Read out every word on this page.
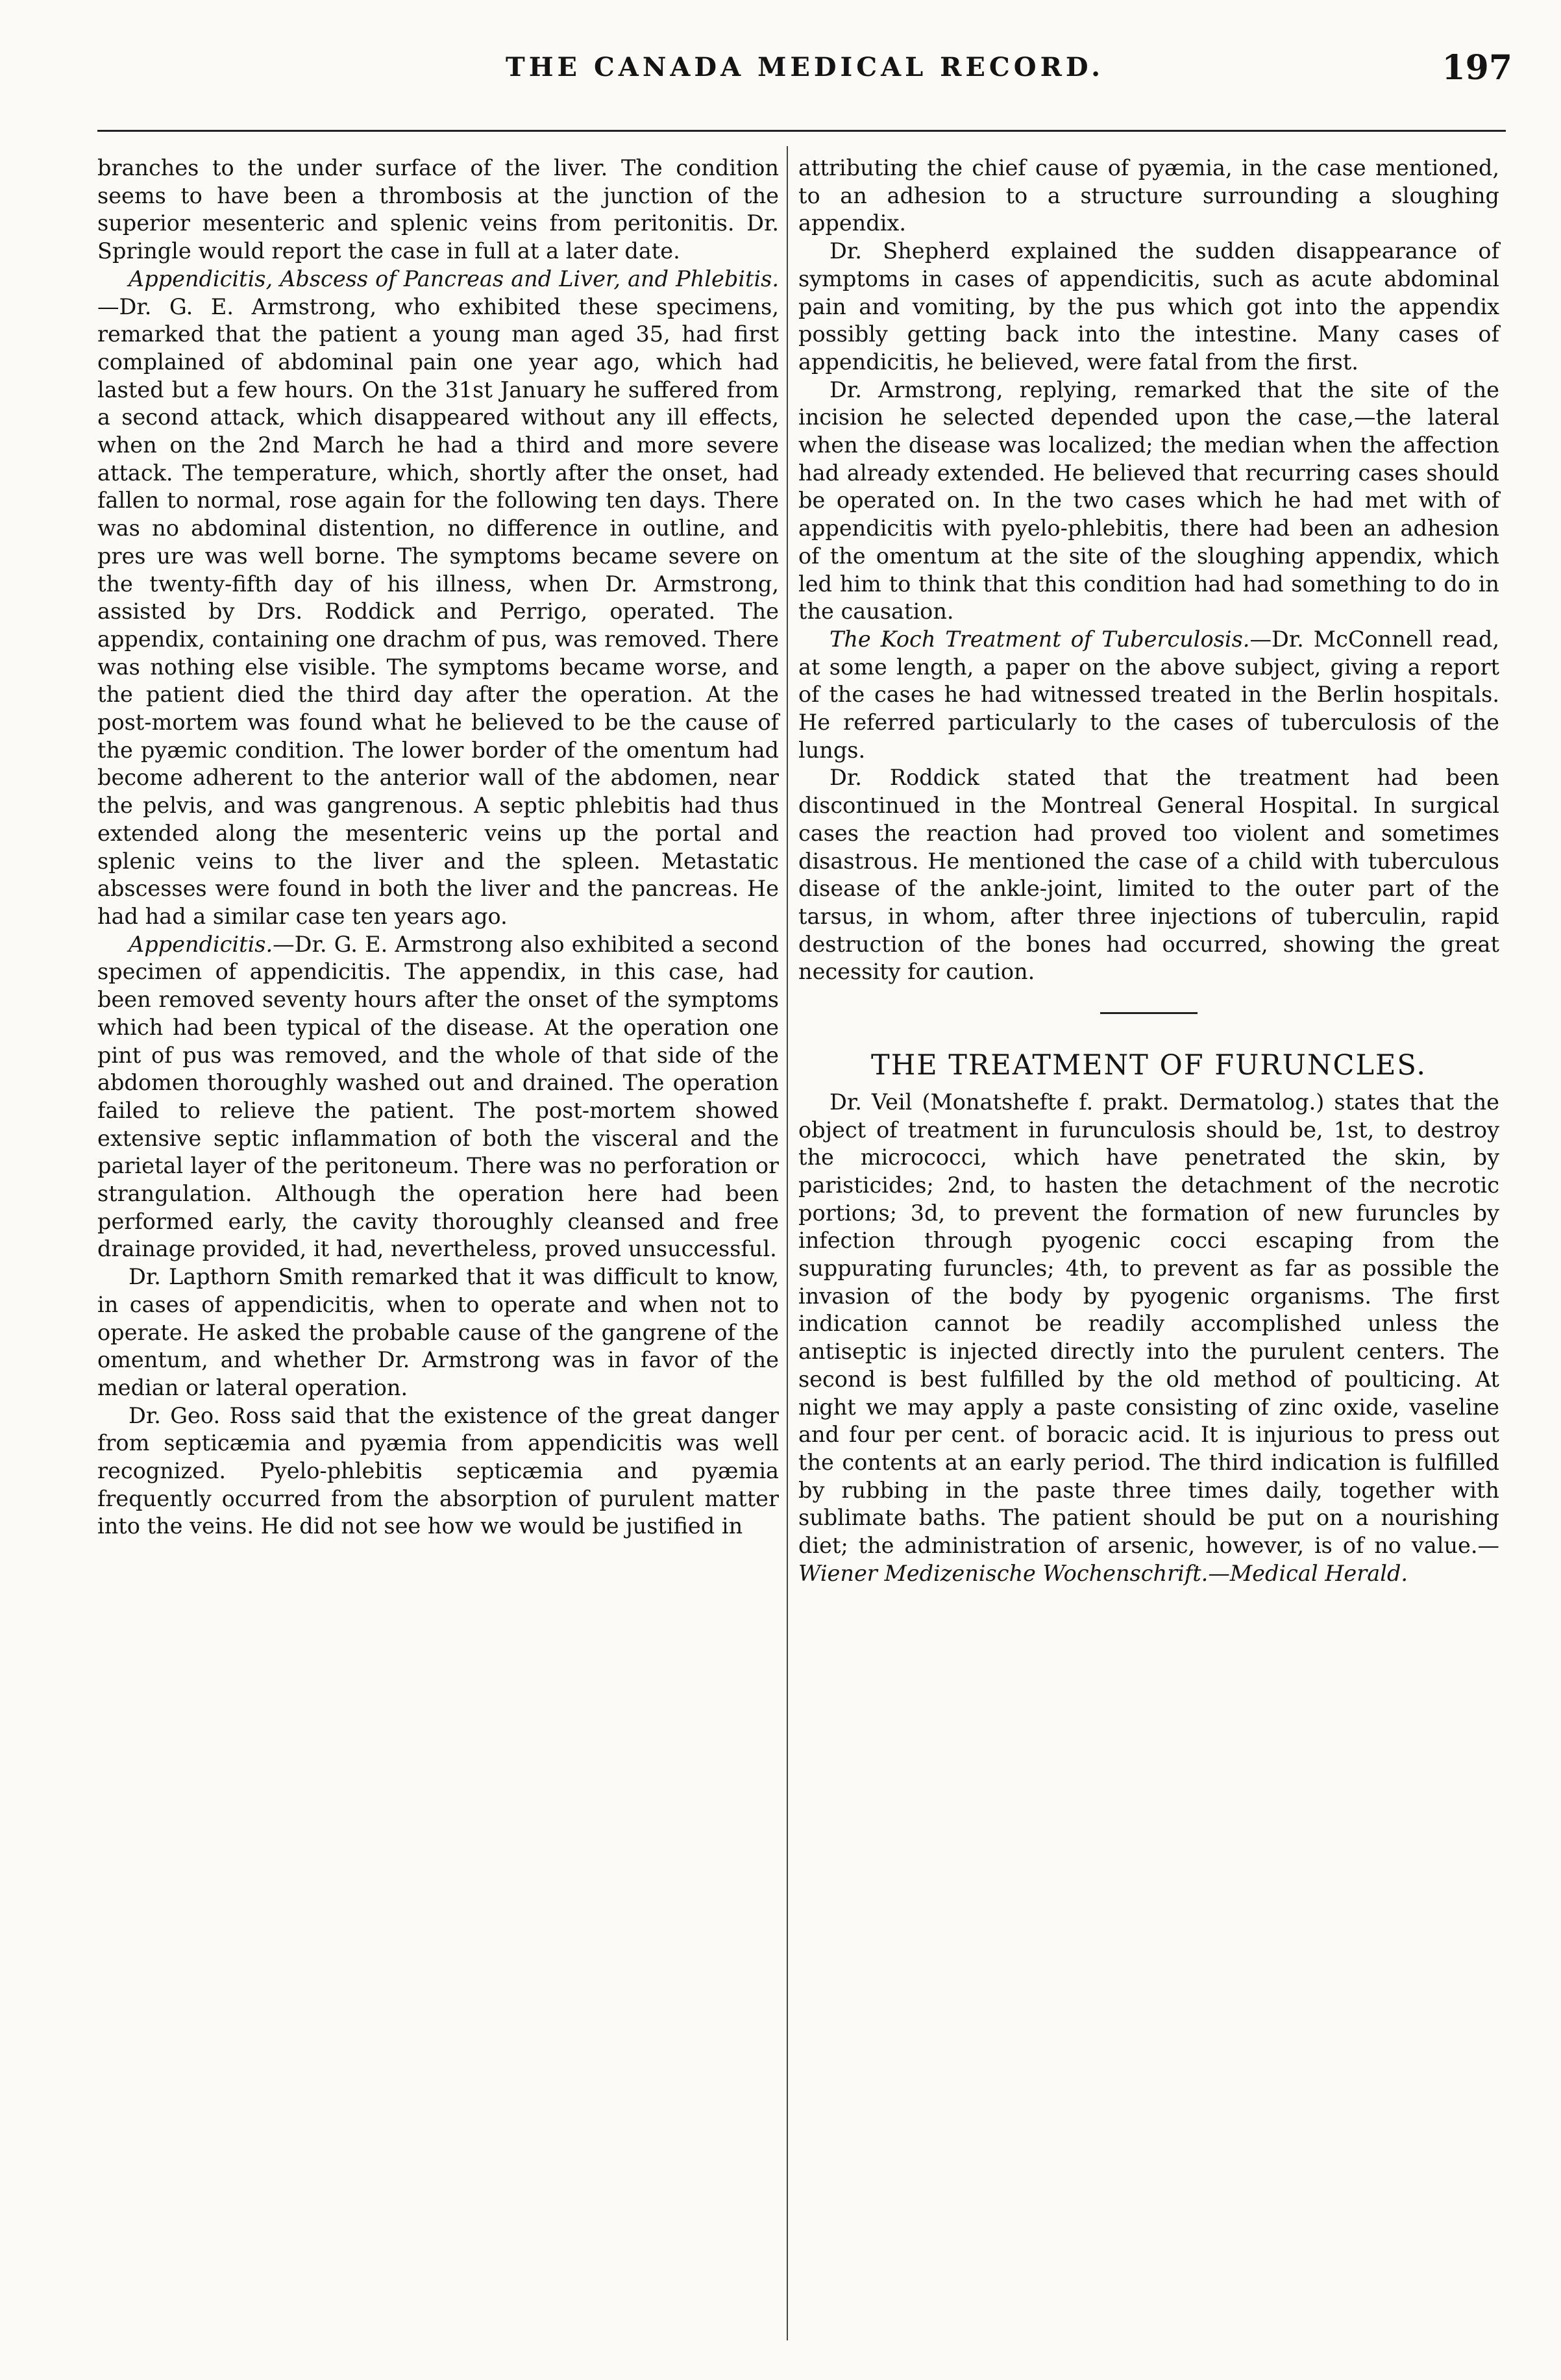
THE CANADA MEDICAL RECORD.	197

branches to the under surface of the liver. The condition seems to have been a thrombosis at the junction of the superior mesenteric and splenic veins from peritonitis. Dr. Springle would report the case in full at a later date.

Appendicitis, Abscess of Pancreas and Liver, and Phlebitis.—Dr. G. E. Armstrong, who exhibited these specimens, remarked that the patient a young man aged 35, had first complained of abdominal pain one year ago, which had lasted but a few hours. On the 31st January he suffered from a second attack, which disappeared without any ill effects, when on the 2nd March he had a third and more severe attack. The temperature, which, shortly after the onset, had fallen to normal, rose again for the following ten days. There was no abdominal distention, no difference in outline, and pres ure was well borne. The symptoms became severe on the twenty-fifth day of his illness, when Dr. Armstrong, assisted by Drs. Roddick and Perrigo, operated. The appendix, containing one drachm of pus, was removed. There was nothing else visible. The symptoms became worse, and the patient died the third day after the operation. At the post-mortem was found what he believed to be the cause of the pyæmic condition. The lower border of the omentum had become adherent to the anterior wall of the abdomen, near the pelvis, and was gangrenous. A septic phlebitis had thus extended along the mesenteric veins up the portal and splenic veins to the liver and the spleen. Metastatic abscesses were found in both the liver and the pancreas. He had had a similar case ten years ago.

Appendicitis.—Dr. G. E. Armstrong also exhibited a second specimen of appendicitis. The appendix, in this case, had been removed seventy hours after the onset of the symptoms which had been typical of the disease. At the operation one pint of pus was removed, and the whole of that side of the abdomen thoroughly washed out and drained. The operation failed to relieve the patient. The post-mortem showed extensive septic inflammation of both the visceral and the parietal layer of the peritoneum. There was no perforation or strangulation. Although the operation here had been performed early, the cavity thoroughly cleansed and free drainage provided, it had, nevertheless, proved unsuccessful.

Dr. Lapthorn Smith remarked that it was difficult to know, in cases of appendicitis, when to operate and when not to operate. He asked the probable cause of the gangrene of the omentum, and whether Dr. Armstrong was in favor of the median or lateral operation.

Dr. Geo. Ross said that the existence of the great danger from septicæmia and pyæmia from appendicitis was well recognized. Pyelo-phlebitis septicæmia and pyæmia frequently occurred from the absorption of purulent matter into the veins. He did not see how we would be justified in

attributing the chief cause of pyæmia, in the case mentioned, to an adhesion to a structure surrounding a sloughing appendix.

Dr. Shepherd explained the sudden disappearance of symptoms in cases of appendicitis, such as acute abdominal pain and vomiting, by the pus which got into the appendix possibly getting back into the intestine. Many cases of appendicitis, he believed, were fatal from the first.

Dr. Armstrong, replying, remarked that the site of the incision he selected depended upon the case,—the lateral when the disease was localized; the median when the affection had already extended. He believed that recurring cases should be operated on. In the two cases which he had met with of appendicitis with pyelo-phlebitis, there had been an adhesion of the omentum at the site of the sloughing appendix, which led him to think that this condition had had something to do in the causation.

The Koch Treatment of Tuberculosis.—Dr. McConnell read, at some length, a paper on the above subject, giving a report of the cases he had witnessed treated in the Berlin hospitals. He referred particularly to the cases of tuberculosis of the lungs.

Dr. Roddick stated that the treatment had been discontinued in the Montreal General Hospital. In surgical cases the reaction had proved too violent and sometimes disastrous. He mentioned the case of a child with tuberculous disease of the ankle-joint, limited to the outer part of the tarsus, in whom, after three injections of tuberculin, rapid destruction of the bones had occurred, showing the great necessity for caution.

THE TREATMENT OF FURUNCLES.

Dr. Veil (Monatshefte f. prakt. Dermatolog.) states that the object of treatment in furunculosis should be, 1st, to destroy the micrococci, which have penetrated the skin, by paristicides; 2nd, to hasten the detachment of the necrotic portions; 3d, to prevent the formation of new furuncles by infection through pyogenic cocci escaping from the suppurating furuncles; 4th, to prevent as far as possible the invasion of the body by pyogenic organisms. The first indication cannot be readily accomplished unless the antiseptic is injected directly into the purulent centers. The second is best fulfilled by the old method of poulticing. At night we may apply a paste consisting of zinc oxide, vaseline and four per cent. of boracic acid. It is injurious to press out the contents at an early period. The third indication is fulfilled by rubbing in the paste three times daily, together with sublimate baths. The patient should be put on a nourishing diet; the administration of arsenic, however, is of no value.—Wiener Medizenische Wochenschrift.—Medical Herald.
